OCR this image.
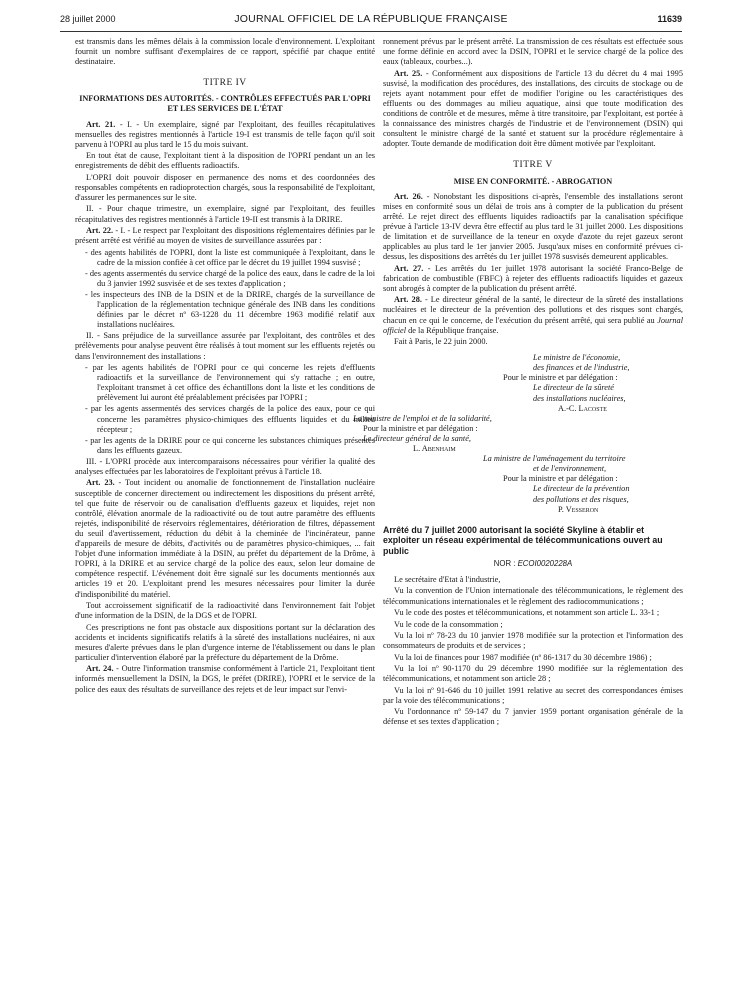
28 juillet 2000	JOURNAL OFFICIEL DE LA RÉPUBLIQUE FRANÇAISE	11639

est transmis dans les mêmes délais à la commission locale d'environnement. L'exploitant fournit un nombre suffisant d'exemplaires de ce rapport, spécifié par chaque entité destinataire.

TITRE IV

INFORMATIONS DES AUTORITÉS. - CONTRÔLES EFFECTUÉS PAR L'OPRI ET LES SERVICES DE L'ÉTAT

Art. 21. - I. - Un exemplaire, signé par l'exploitant, des feuilles récapitulatives mensuelles des registres mentionnés à l'article 19-I est transmis de telle façon qu'il soit parvenu à l'OPRI au plus tard le 15 du mois suivant.

En tout état de cause, l'exploitant tient à la disposition de l'OPRI pendant un an les enregistrements de débit des effluents radioactifs.

L'OPRI doit pouvoir disposer en permanence des noms et des coordonnées des responsables compétents en radioprotection chargés, sous la responsabilité de l'exploitant, d'assurer les permanences sur le site.

II. - Pour chaque trimestre, un exemplaire, signé par l'exploitant, des feuilles récapitulatives des registres mentionnés à l'article 19-II est transmis à la DRIRE.

Art. 22. - I. - Le respect par l'exploitant des dispositions réglementaires définies par le présent arrêté est vérifié au moyen de visites de surveillance assurées par :

- des agents habilités de l'OPRI, dont la liste est communiquée à l'exploitant, dans le cadre de la mission confiée à cet office par le décret du 19 juillet 1994 susvisé ;
- des agents assermentés du service chargé de la police des eaux, dans le cadre de la loi du 3 janvier 1992 susvisée et de ses textes d'application ;
- les inspecteurs des INB de la DSIN et de la DRIRE, chargés de la surveillance de l'application de la réglementation technique générale des INB dans les conditions définies par le décret nº 63-1228 du 11 décembre 1963 modifié relatif aux installations nucléaires.

II. - Sans préjudice de la surveillance assurée par l'exploitant, des contrôles et des prélèvements pour analyse peuvent être réalisés à tout moment sur les effluents rejetés ou dans l'environnement des installations :

- par les agents habilités de l'OPRI pour ce qui concerne les rejets d'effluents radioactifs et la surveillance de l'environnement qui s'y rattache ; en outre, l'exploitant transmet à cet office des échantillons dont la liste et les conditions de prélèvement lui auront été préalablement précisées par l'OPRI ;
- par les agents assermentés des services chargés de la police des eaux, pour ce qui concerne les paramètres physico-chimiques des effluents liquides et du milieu récepteur ;
- par les agents de la DRIRE pour ce qui concerne les substances chimiques présentes dans les effluents gazeux.

III. - L'OPRI procède aux intercomparaisons nécessaires pour vérifier la qualité des analyses effectuées par les laboratoires de l'exploitant prévus à l'article 18.

Art. 23. - Tout incident ou anomalie de fonctionnement de l'installation nucléaire susceptible de concerner directement ou indirectement les dispositions du présent arrêté, tel que fuite de réservoir ou de canalisation d'effluents gazeux et liquides, rejet non contrôlé, élévation anormale de la radioactivité ou de tout autre paramètre des effluents rejetés, indisponibilité de réservoirs réglementaires, détérioration de filtres, dépassement du seuil d'avertissement, réduction du débit à la cheminée de l'incinérateur, panne d'appareils de mesure de débits, d'activités ou de paramètres physico-chimiques, ... fait l'objet d'une information immédiate à la DSIN, au préfet du département de la Drôme, à l'OPRI, à la DRIRE et au service chargé de la police des eaux, selon leur domaine de compétence respectif. L'événement doit être signalé sur les documents mentionnés aux articles 19 et 20. L'exploitant prend les mesures nécessaires pour limiter la durée d'indisponibilité du matériel.

Tout accroissement significatif de la radioactivité dans l'environnement fait l'objet d'une information de la DSIN, de la DGS et de l'OPRI.

Ces prescriptions ne font pas obstacle aux dispositions portant sur la déclaration des accidents et incidents significatifs relatifs à la sûreté des installations nucléaires, ni aux mesures d'alerte prévues dans le plan d'urgence interne de l'établissement ou dans le plan particulier d'intervention élaboré par la préfecture du département de la Drôme.

Art. 24. - Outre l'information transmise conformément à l'article 21, l'exploitant tient informés mensuellement la DSIN, la DGS, le préfet (DRIRE), l'OPRI et le service de la police des eaux des résultats de surveillance des rejets et de leur impact sur l'envi-

ronnement prévus par le présent arrêté. La transmission de ces résultats est effectuée sous une forme définie en accord avec la DSIN, l'OPRI et le service chargé de la police des eaux (tableaux, courbes...).

Art. 25. - Conformément aux dispositions de l'article 13 du décret du 4 mai 1995 susvisé, la modification des procédures, des installations, des circuits de stockage ou de rejets ayant notamment pour effet de modifier l'origine ou les caractéristiques des effluents ou des dommages au milieu aquatique, ainsi que toute modification des conditions de contrôle et de mesures, même à titre transitoire, par l'exploitant, est portée à la connaissance des ministres chargés de l'industrie et de l'environnement (DSIN) qui consultent le ministre chargé de la santé et statuent sur la procédure réglementaire à adopter. Toute demande de modification doit être dûment motivée par l'exploitant.

TITRE V

MISE EN CONFORMITÉ. - ABROGATION

Art. 26. - Nonobstant les dispositions ci-après, l'ensemble des installations seront mises en conformité sous un délai de trois ans à compter de la publication du présent arrêté. Le rejet direct des effluents liquides radioactifs par la canalisation spécifique prévue à l'article 13-IV devra être effectif au plus tard le 31 juillet 2000. Les dispositions de limitation et de surveillance de la teneur en oxyde d'azote du rejet gazeux seront applicables au plus tard le 1er janvier 2005. Jusqu'aux mises en conformité prévues ci-dessus, les dispositions des arrêtés du 1er juillet 1978 susvisés demeurent applicables.

Art. 27. - Les arrêtés du 1er juillet 1978 autorisant la société Franco-Belge de fabrication de combustible (FBFC) à rejeter des effluents radioactifs liquides et gazeux sont abrogés à compter de la publication du présent arrêté.

Art. 28. - Le directeur général de la santé, le directeur de la sûreté des installations nucléaires et le directeur de la prévention des pollutions et des risques sont chargés, chacun en ce qui le concerne, de l'exécution du présent arrêté, qui sera publié au Journal officiel de la République française.

Fait à Paris, le 22 juin 2000.

Le ministre de l'économie,

des finances et de l'industrie,

Pour le ministre et par délégation :

Le directeur de la sûreté

des installations nucléaires,

A.-C. Lacoste

La ministre de l'emploi et de la solidarité,

Pour la ministre et par délégation :

Le directeur général de la santé,

L. Abenhaim

La ministre de l'aménagement du territoire

et de l'environnement,

Pour la ministre et par délégation :

Le directeur de la prévention

des pollutions et des risques,

P. Vesseron

Arrêté du 7 juillet 2000 autorisant la société Skyline à établir et exploiter un réseau expérimental de télécommunications ouvert au public

NOR : ECOI0020228A

Le secrétaire d'Etat à l'industrie,

Vu la convention de l'Union internationale des télécommunications, le règlement des télécommunications internationales et le règlement des radiocommunications ;

Vu le code des postes et télécommunications, et notamment son article L. 33-1 ;

Vu le code de la consommation ;

Vu la loi nº 78-23 du 10 janvier 1978 modifiée sur la protection et l'information des consommateurs de produits et de services ;

Vu la loi de finances pour 1987 modifiée (nº 86-1317 du 30 décembre 1986) ;

Vu la loi nº 90-1170 du 29 décembre 1990 modifiée sur la réglementation des télécommunications, et notamment son article 28 ;

Vu la loi nº 91-646 du 10 juillet 1991 relative au secret des correspondances émises par la voie des télécommunications ;

Vu l'ordonnance nº 59-147 du 7 janvier 1959 portant organisation générale de la défense et ses textes d'application ;
